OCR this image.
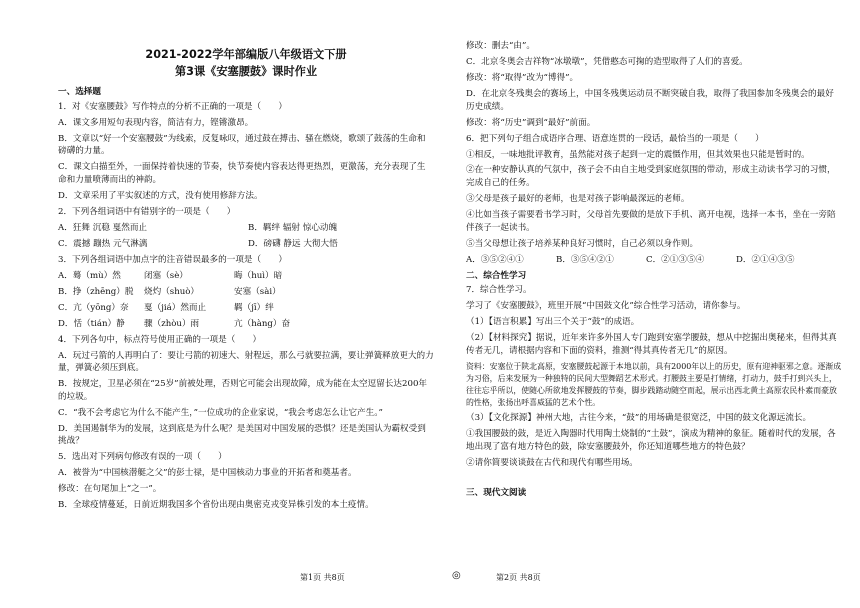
2021-2022学年部编版八年级语文下册
第3课《安塞腰鼓》课时作业
一、选择题

1．对《安塞腰鼓》写作特点的分析不正确的一项是（　　）

A．课文多用短句表现内容，简洁有力，铿锵激昂。

B．文章以“好一个安塞腰鼓”为线索，反复咏叹，通过鼓在搏击、骚在燃烧，歌颂了鼓荡的生命和磅礴的力量。

C．课文白描至外，一面保持着快速的节奏，快节奏使内容表达得更热烈，更激荡，充分表现了生命和力量喷薄而出的神韵。

D．文章采用了平实叙述的方式，没有使用修辞方法。

2．下列各组词语中有错别字的一项是（　　）

A．狂舞 沉稳 戛然而止	B．羁绊 辐射 惊心动魄

C．震撼 蹦热 元气淋漓	D．磅礴 静远 大彻大悟

3．下列各组词语中加点字的注音错误最多的一项是（　　）

A．蓦（mù）然	闭塞（sè）	晦（huì）暗

B．挣（zhēng）脱	烧灼（shuò）	安塞（sài）

C．亢（yōng）奈	戛（jiá）然而止	羁（jī）绊

D．恬（tián）静	骤（zhòu）雨	亢（hàng）奋

4．下列各句中，标点符号使用正确的一项是（　　）

A．玩过弓箭的人再明白了：要让弓箭的初速大、射程远，那么弓就要拉满，要让弹簧释放更大的力量，弹簧必须压到底。

B．按规定，卫星必须在“25岁”前被处理，否则它可能会出现故障，成为能在太空逗留长达200年的垃圾。

C．“我不会考虑它为什么不能产生，”一位成功的企业家说，“我会考虑怎么让它产生。”

D．美国遏制华为的发展，这到底是为什么呢？是美国对中国发展的恐惧？还是美国认为霸权受到挑战？

5．选出对下列病句修改有误的一项（　　）

A．被誉为“中国核潜艇之父”的彭士禄，是中国核动力事业的开拓者和奠基者。

修改：在句尾加上“之一”。

B．全球疫情蔓延，日前近期我国多个省份出现由奥密克戎变异株引发的本土疫情。

修改：删去“由”。

C．北京冬奥会吉祥物“冰墩墩”，凭借憨态可掬的造型取得了人们的喜爱。

修改：将“取得”改为“博得”。

D．在北京冬残奥会的赛场上，中国冬残奥运动员不断突破自我，取得了我国参加冬残奥会的最好历史成绩。

修改：将“历史”调到“最好”前面。

6．把下列句子组合成语序合理、语意连贯的一段话，最恰当的一项是（　　）

①相反，一味地批评教育，虽然能对孩子起到一定的震慑作用，但其效果也只能是暂时的。

②在一种安静认真的气氛中，孩子会不由自主地受到家庭氛围的带动，形成主动读书学习的习惯，完成自己的任务。

③父母是孩子最好的老师，也是对孩子影响最深远的老师。

④比如当孩子需要看书学习时，父母首先要做的是放下手机、离开电视，选择一本书，坐在一旁陪伴孩子一起读书。

⑤当父母想让孩子培养某种良好习惯时，自己必须以身作则。

A．③⑤②④①	B．③⑤④②①	C．②①③⑤④	D．②①④③⑤

二、综合性学习

7．综合性学习。

学习了《安塞腰鼓》，班里开展“中国鼓文化”综合性学习活动，请你参与。

（1）【语言积累】写出三个关于“鼓”的成语。

（2）【材料探究】据说，近年来许多外国人专门跑到安塞学腰鼓，想从中挖掘出奥秘来，但得其真传者无几，请根据内容和下面的资料，推测“得其真传者无几”的原因。

资料：安塞位于陕北高原，安塞腰鼓起源于本地以前，具有2000年以上的历史，原有迎神驱邪之意。逐渐成为习俗，后来发展为一种独特的民间大型舞蹈艺术形式。打腰鼓主要是打情绪，打动力，鼓手打到兴头上，往往忘乎所以，使随心所欲地发挥腰鼓的节奏，脚步践踏动随空而起，展示出西北黄土高原农民朴素而豪放的性格，张扬出呼喜威猛的艺术个性。

（3）【文化探源】神州大地，古往今来，“鼓”的用场确是很宽泛，中国的鼓文化源远流长。

①我国腰鼓的鼓，是近入陶器时代用陶土烧制的“土鼓”，演成为精神的象征。随着时代的发展，各地出现了富有地方特色的鼓，除安塞腰鼓外，你还知道哪些地方的特色鼓？

②请你简要谈谈鼓在古代和现代有哪些用场。

三、现代文阅读
第1页 共8页	◎	第2页 共8页
